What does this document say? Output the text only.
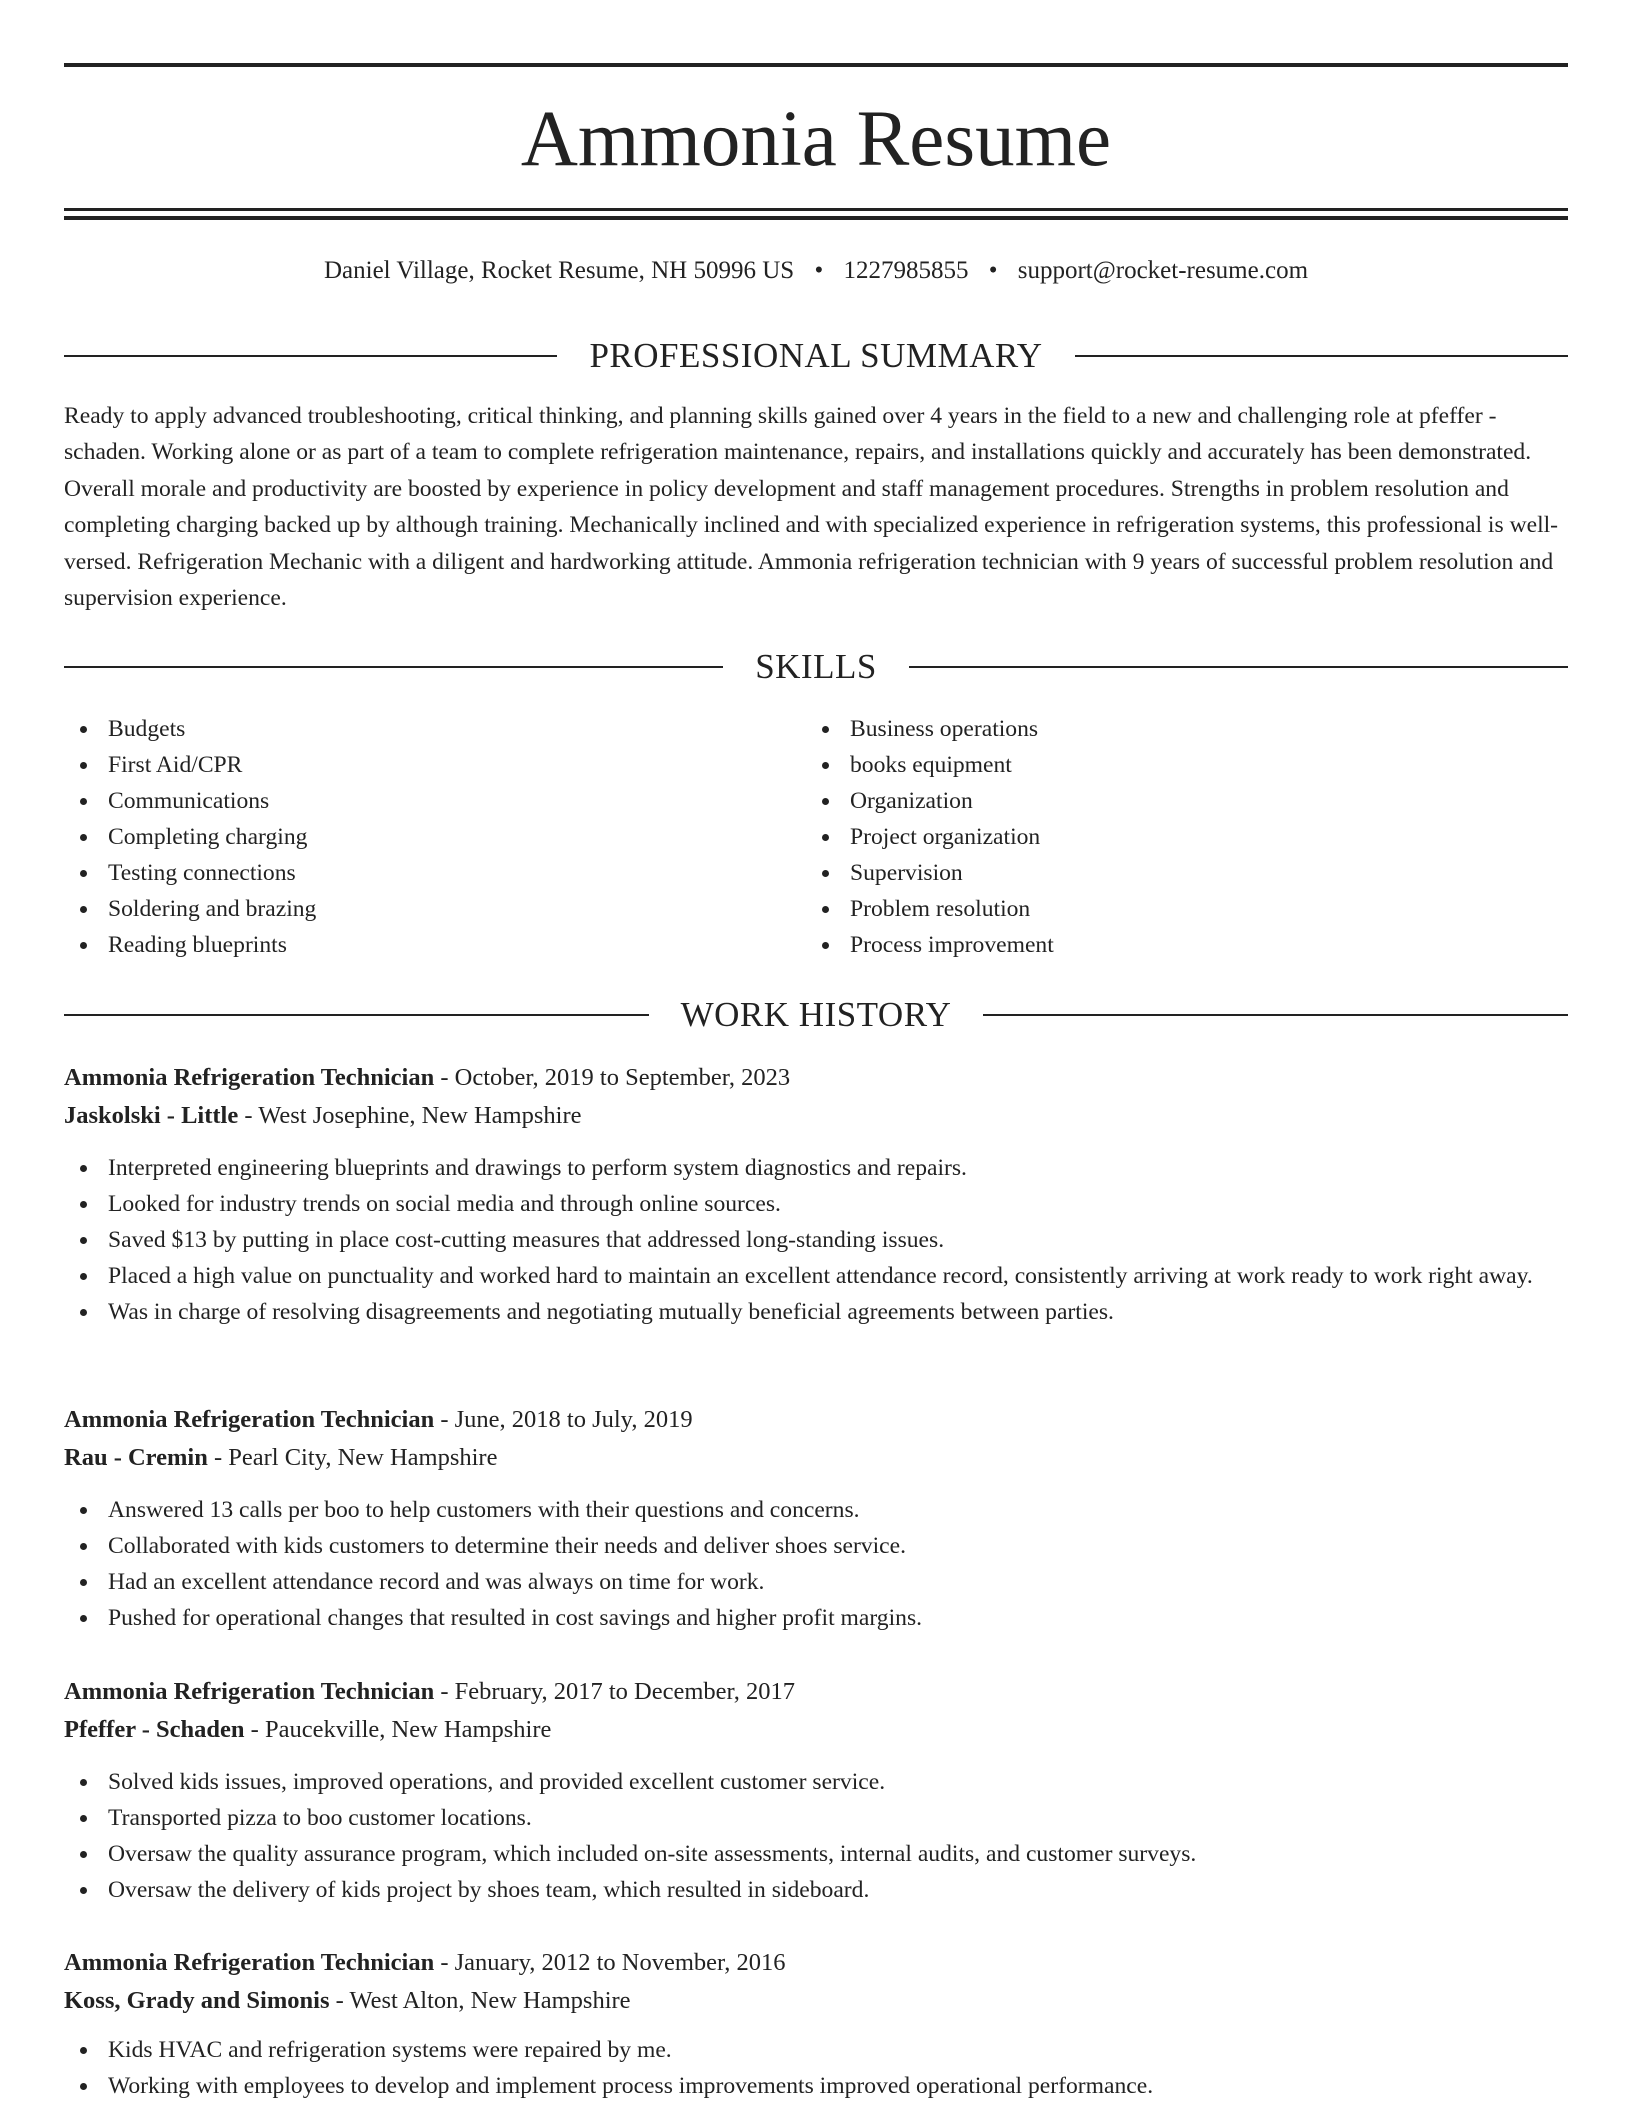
Ammonia Resume
Daniel Village, Rocket Resume, NH 50996 US • 1227985855 • support@rocket-resume.com
PROFESSIONAL SUMMARY

Ready to apply advanced troubleshooting, critical thinking, and planning skills gained over 4 years in the field to a new and challenging role at pfeffer - schaden. Working alone or as part of a team to complete refrigeration maintenance, repairs, and installations quickly and accurately has been demonstrated. Overall morale and productivity are boosted by experience in policy development and staff management procedures. Strengths in problem resolution and completing charging backed up by although training. Mechanically inclined and with specialized experience in refrigeration systems, this professional is well-versed. Refrigeration Mechanic with a diligent and hardworking attitude. Ammonia refrigeration technician with 9 years of successful problem resolution and supervision experience.

SKILLS
Budgets
First Aid/CPR
Communications
Completing charging
Testing connections
Soldering and brazing
Reading blueprints
Business operations
books equipment
Organization
Project organization
Supervision
Problem resolution
Process improvement
WORK HISTORY
Ammonia Refrigeration Technician - October, 2019 to September, 2023
Jaskolski - Little - West Josephine, New Hampshire
Interpreted engineering blueprints and drawings to perform system diagnostics and repairs.
Looked for industry trends on social media and through online sources.
Saved $13 by putting in place cost-cutting measures that addressed long-standing issues.
Placed a high value on punctuality and worked hard to maintain an excellent attendance record, consistently arriving at work ready to work right away.
Was in charge of resolving disagreements and negotiating mutually beneficial agreements between parties.
Ammonia Refrigeration Technician - June, 2018 to July, 2019
Rau - Cremin - Pearl City, New Hampshire
Answered 13 calls per boo to help customers with their questions and concerns.
Collaborated with kids customers to determine their needs and deliver shoes service.
Had an excellent attendance record and was always on time for work.
Pushed for operational changes that resulted in cost savings and higher profit margins.
Ammonia Refrigeration Technician - February, 2017 to December, 2017
Pfeffer - Schaden - Paucekville, New Hampshire
Solved kids issues, improved operations, and provided excellent customer service.
Transported pizza to boo customer locations.
Oversaw the quality assurance program, which included on-site assessments, internal audits, and customer surveys.
Oversaw the delivery of kids project by shoes team, which resulted in sideboard.
Ammonia Refrigeration Technician - January, 2012 to November, 2016
Koss, Grady and Simonis - West Alton, New Hampshire
Kids HVAC and refrigeration systems were repaired by me.
Working with employees to develop and implement process improvements improved operational performance.
